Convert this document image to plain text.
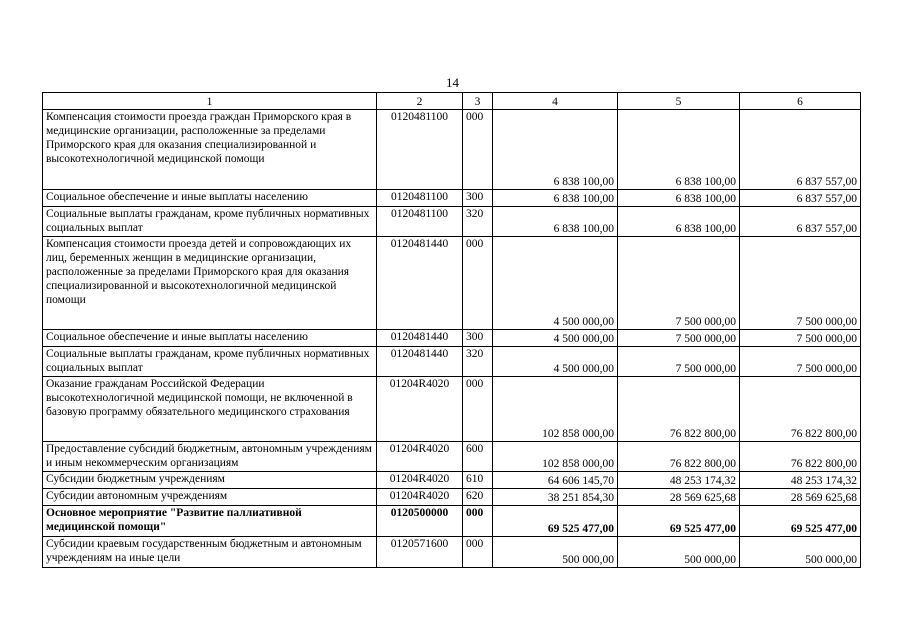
14
1	2	3	4	5	6
Компенсация стоимости проезда граждан Приморского края в медицинские организации, расположенные за пределами Приморского края для оказания специализированной и высокотехнологичной медицинской помощи	0120481100	000	6 838 100,00	6 838 100,00	6 837 557,00
Социальное обеспечение и иные выплаты населению	0120481100	300	6 838 100,00	6 838 100,00	6 837 557,00
Социальные выплаты гражданам, кроме публичных нормативных социальных выплат	0120481100	320	6 838 100,00	6 838 100,00	6 837 557,00
Компенсация стоимости проезда детей и сопровождающих их лиц, беременных женщин в медицинские организации, расположенные за пределами Приморского края для оказания специализированной и высокотехнологичной медицинской помощи	0120481440	000	4 500 000,00	7 500 000,00	7 500 000,00
Социальное обеспечение и иные выплаты населению	0120481440	300	4 500 000,00	7 500 000,00	7 500 000,00
Социальные выплаты гражданам, кроме публичных нормативных социальных выплат	0120481440	320	4 500 000,00	7 500 000,00	7 500 000,00
Оказание гражданам Российской Федерации высокотехнологичной медицинской помощи, не включенной в базовую программу обязательного медицинского страхования	01204R4020	000	102 858 000,00	76 822 800,00	76 822 800,00
Предоставление субсидий бюджетным, автономным учреждениям и иным некоммерческим организациям	01204R4020	600	102 858 000,00	76 822 800,00	76 822 800,00
Субсидии бюджетным учреждениям	01204R4020	610	64 606 145,70	48 253 174,32	48 253 174,32
Субсидии автономным учреждениям	01204R4020	620	38 251 854,30	28 569 625,68	28 569 625,68
Основное мероприятие "Развитие паллиативной медицинской помощи"	0120500000	000	69 525 477,00	69 525 477,00	69 525 477,00
Субсидии краевым государственным бюджетным и автономным учреждениям на иные цели	0120571600	000	500 000,00	500 000,00	500 000,00
